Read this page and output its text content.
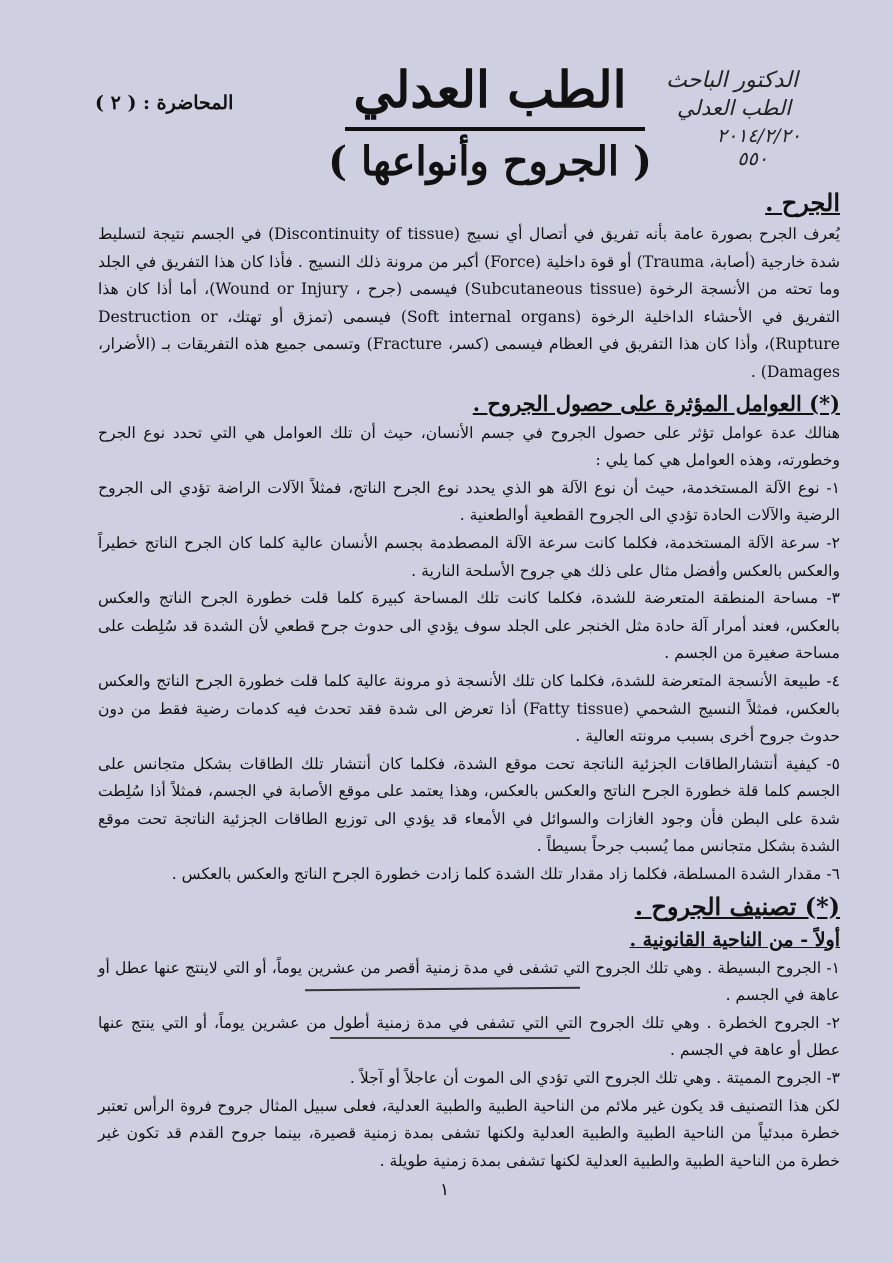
المحاضرة : ( ٢ )	الطب العدلي
( الجروح وأنواعها )
الدكتور الباحث
الطب العدلي
٢٠١٤/٢/٢٠
٥٥٠

الجرح .

يُعرف الجرح بصورة عامة بأنه تفريق في أتصال أي نسيج (Discontinuity of tissue) في الجسم نتيجة لتسليط شدة خارجية (أصابة، Trauma) أو قوة داخلية (Force) أكبر من مرونة ذلك النسيج . فأذا كان هذا التفريق في الجلد وما تحته من الأنسجة الرخوة (Subcutaneous tissue) فيسمى (جرح ، Wound or Injury)، أما أذا كان هذا التفريق في الأحشاء الداخلية الرخوة (Soft internal organs) فيسمى (تمزق أو تهتك، Destruction or Rupture)، وأذا كان هذا التفريق في العظام فيسمى (كسر، Fracture) وتسمى جميع هذه التفريقات بـ (الأضرار، Damages) .

(*) العوامل المؤثرة على حصول الجروح .

هنالك عدة عوامل تؤثر على حصول الجروح في جسم الأنسان، حيث أن تلك العوامل هي التي تحدد نوع الجرح وخطورته، وهذه العوامل هي كما يلي :

١- نوع الآلة المستخدمة، حيث أن نوع الآلة هو الذي يحدد نوع الجرح الناتج، فمثلاً الآلات الراضة تؤدي الى الجروح الرضية والآلات الحادة تؤدي الى الجروح القطعية أوالطعنية .

٢- سرعة الآلة المستخدمة، فكلما كانت سرعة الآلة المصطدمة بجسم الأنسان عالية كلما كان الجرح الناتج خطيراً والعكس بالعكس وأفضل مثال على ذلك هي جروح الأسلحة النارية .

٣- مساحة المنطقة المتعرضة للشدة، فكلما كانت تلك المساحة كبيرة كلما قلت خطورة الجرح الناتج والعكس بالعكس، فعند أمرار آلة حادة مثل الخنجر على الجلد سوف يؤدي الى حدوث جرح قطعي لأن الشدة قد سُلِطت على مساحة صغيرة من الجسم .

٤- طبيعة الأنسجة المتعرضة للشدة، فكلما كان تلك الأنسجة ذو مرونة عالية كلما قلت خطورة الجرح الناتج والعكس بالعكس، فمثلاً النسيج الشحمي (Fatty tissue) أذا تعرض الى شدة فقد تحدث فيه كدمات رضية فقط من دون حدوث جروح أخرى بسبب مرونته العالية .

٥- كيفية أنتشارالطاقات الجزئية الناتجة تحت موقع الشدة، فكلما كان أنتشار تلك الطاقات بشكل متجانس على الجسم كلما قلة خطورة الجرح الناتج والعكس بالعكس، وهذا يعتمد على موقع الأصابة في الجسم، فمثلاً أذا سُلِطت شدة على البطن فأن وجود الغازات والسوائل في الأمعاء قد يؤدي الى توزيع الطاقات الجزئية الناتجة تحت موقع الشدة بشكل متجانس مما يُسبب جرحاً بسيطاً .

٦- مقدار الشدة المسلطة، فكلما زاد مقدار تلك الشدة كلما زادت خطورة الجرح الناتج والعكس بالعكس .

(*) تصنيف الجروح .

أولاً - من الناحية القانونية .

١- الجروح البسيطة . وهي تلك الجروح التي تشفى في مدة زمنية أقصر من عشرين يوماً، أو التي لاينتج عنها عطل أو عاهة في الجسم .

٢- الجروح الخطرة . وهي تلك الجروح التي التي تشفى في مدة زمنية أطول من عشرين يوماً، أو التي ينتج عنها عطل أو عاهة في الجسم .

٣- الجروح المميتة . وهي تلك الجروح التي تؤدي الى الموت أن عاجلاً أو آجلاً .

لكن هذا التصنيف قد يكون غير ملائم من الناحية الطبية والطبية العدلية، فعلى سبيل المثال جروح فروة الرأس تعتبر خطرة مبدئياً من الناحية الطبية والطبية العدلية ولكنها تشفى بمدة زمنية قصيرة، بينما جروح القدم قد تكون غير خطرة من الناحية الطبية والطبية العدلية لكنها تشفى بمدة زمنية طويلة .

١
